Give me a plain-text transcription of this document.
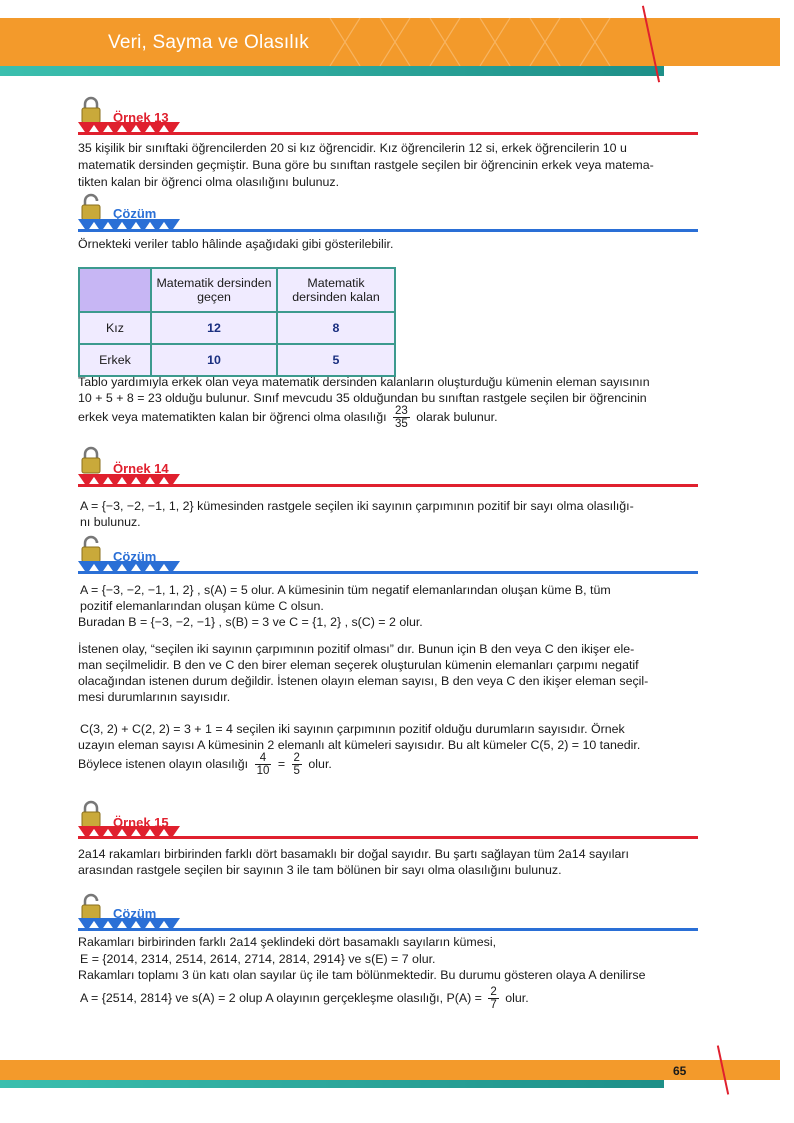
Veri, Sayma ve Olasılık
Örnek 13
35 kişilik bir sınıftaki öğrencilerden 20 si kız öğrencidir. Kız öğrencilerin 12 si, erkek öğrencilerin 10 u
matematik dersinden geçmiştir. Buna göre bu sınıftan rastgele seçilen bir öğrencinin erkek veya matema-
tikten kalan bir öğrenci olma olasılığını bulunuz.
Çözüm
Örnekteki veriler tablo hâlinde aşağıdaki gibi gösterilebilir.
	Matematik dersinden geçen	Matematik dersinden kalan
Kız	12	8
Erkek	10	5
Tablo yardımıyla erkek olan veya matematik dersinden kalanların oluşturduğu kümenin eleman sayısının
10 + 5 + 8 = 23 olduğu bulunur. Sınıf mevcudu 35 olduğundan bu sınıftan rastgele seçilen bir öğrencinin
erkek veya matematikten kalan bir öğrenci olma olasılığı $\frac{23}{35}$ olarak bulunur.
Örnek 14
A = {−3, −2, −1, 1, 2} kümesinden rastgele seçilen iki sayının çarpımının pozitif bir sayı olma olasılığı-
nı bulunuz.
Çözüm
A = {−3, −2, −1, 1, 2} , s(A) = 5 olur. A kümesinin tüm negatif elemanlarından oluşan küme B, tüm
pozitif elemanlarından oluşan küme C olsun.
Buradan B = {−3, −2, −1} , s(B) = 3 ve C = {1, 2} , s(C) = 2 olur.
İstenen olay, “seçilen iki sayının çarpımının pozitif olması” dır. Bunun için B den veya C den ikişer ele-
man seçilmelidir. B den ve C den birer eleman seçerek oluşturulan kümenin elemanları çarpımı negatif
olacağından istenen durum değildir. İstenen olayın eleman sayısı, B den veya C den ikişer eleman seçil-
mesi durumlarının sayısıdır.
C(3, 2) + C(2, 2) = 3 + 1 = 4 seçilen iki sayının çarpımının pozitif olduğu durumların sayısıdır. Örnek
uzayın eleman sayısı A kümesinin 2 elemanlı alt kümeleri sayısıdır. Bu alt kümeler C(5, 2) = 10 tanedir.
Böylece istenen olayın olasılığı $\frac{4}{10} = \frac{2}{5}$ olur.
Örnek 15
2a14 rakamları birbirinden farklı dört basamaklı bir doğal sayıdır. Bu şartı sağlayan tüm 2a14 sayıları
arasından rastgele seçilen bir sayının 3 ile tam bölünen bir sayı olma olasılığını bulunuz.
Çözüm
Rakamları birbirinden farklı 2a14 şeklindeki dört basamaklı sayıların kümesi,
E = {2014, 2314, 2514, 2614, 2714, 2814, 2914} ve s(E) = 7 olur.
Rakamları toplamı 3 ün katı olan sayılar üç ile tam bölünmektedir. Bu durumu gösteren olaya A denilirse
A = {2514, 2814} ve s(A) = 2 olup A olayının gerçekleşme olasılığı, $P(A) = \frac{2}{7}$ olur.
65
